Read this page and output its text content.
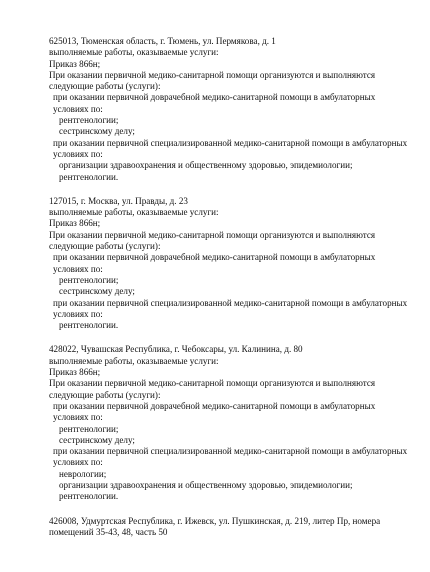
625013, Тюменская область, г. Тюмень, ул. Пермякова, д. 1
выполняемые работы, оказываемые услуги:
Приказ 866н;
При оказании первичной медико-санитарной помощи организуются и выполняются следующие работы (услуги):
при оказании первичной доврачебной медико-санитарной помощи в амбулаторных условиях по:
рентгенологии;
сестринскому делу;
при оказании первичной специализированной медико-санитарной помощи в амбулаторных условиях по:
организации здравоохранения и общественному здоровью, эпидемиологии;
рентгенологии.
127015, г. Москва, ул. Правды, д. 23
выполняемые работы, оказываемые услуги:
Приказ 866н;
При оказании первичной медико-санитарной помощи организуются и выполняются следующие работы (услуги):
при оказании первичной доврачебной медико-санитарной помощи в амбулаторных условиях по:
рентгенологии;
сестринскому делу;
при оказании первичной специализированной медико-санитарной помощи в амбулаторных условиях по:
рентгенологии.
428022, Чувашская Республика, г. Чебоксары, ул. Калинина, д. 80
выполняемые работы, оказываемые услуги:
Приказ 866н;
При оказании первичной медико-санитарной помощи организуются и выполняются следующие работы (услуги):
при оказании первичной доврачебной медико-санитарной помощи в амбулаторных условиях по:
рентгенологии;
сестринскому делу;
при оказании первичной специализированной медико-санитарной помощи в амбулаторных условиях по:
неврологии;
организации здравоохранения и общественному здоровью, эпидемиологии;
рентгенологии.
426008, Удмуртская Республика, г. Ижевск, ул. Пушкинская, д. 219, литер Пр, номера помещений 35-43, 48, часть 50
